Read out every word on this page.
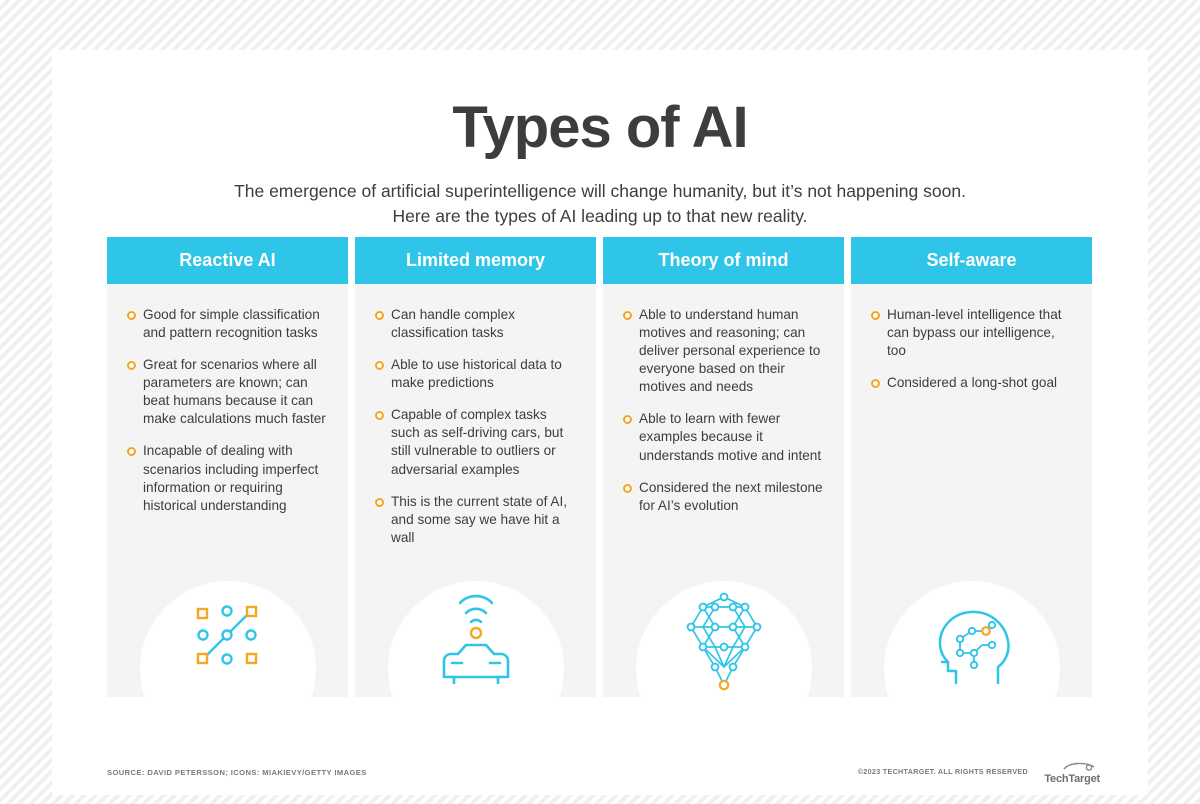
Types of AI
The emergence of artificial superintelligence will change humanity, but it’s not happening soon.
Here are the types of AI leading up to that new reality.
Reactive AI
Good for simple classification and pattern recognition tasks
Great for scenarios where all parameters are known; can beat humans because it can make calculations much faster
Incapable of dealing with scenarios including imperfect information or requiring historical understanding
Limited memory
Can handle complex classification tasks
Able to use historical data to make predictions
Capable of complex tasks such as self-driving cars, but still vulnerable to outliers or adversarial examples
This is the current state of AI, and some say we have hit a wall
Theory of mind
Able to understand human motives and reasoning; can deliver personal experience to everyone based on their motives and needs
Able to learn with fewer examples because it understands motive and intent
Considered the next milestone for AI’s evolution
Self-aware
Human-level intelligence that can bypass our intelligence, too
Considered a long-shot goal
SOURCE: DAVID PETERSSON; ICONS: MIAKIEVY/GETTY IMAGES	©2023 TECHTARGET. ALL RIGHTS RESERVED
TechTarget
